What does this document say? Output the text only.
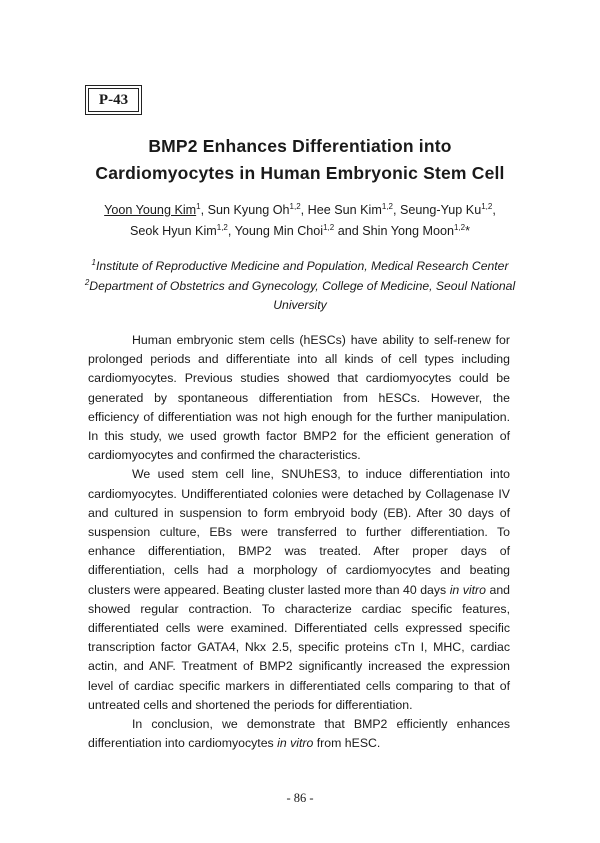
P-43
BMP2 Enhances Differentiation into
Cardiomyocytes in Human Embryonic Stem Cell
Yoon Young Kim$^1$, Sun Kyung Oh$^{1,2}$, Hee Sun Kim$^{1,2}$, Seung-Yup Ku$^{1,2}$,
Seok Hyun Kim$^{1,2}$, Young Min Choi$^{1,2}$ and Shin Yong Moon$^{1,2}$*
$^1$Institute of Reproductive Medicine and Population, Medical Research Center
$^2$Department of Obstetrics and Gynecology, College of Medicine, Seoul National University

Human embryonic stem cells (hESCs) have ability to self-renew for prolonged periods and differentiate into all kinds of cell types including cardiomyocytes. Previous studies showed that cardiomyocytes could be generated by spontaneous differentiation from hESCs. However, the efficiency of differentiation was not high enough for the further manipulation. In this study, we used growth factor BMP2 for the efficient generation of cardiomyocytes and confirmed the characteristics.

We used stem cell line, SNUhES3, to induce differentiation into cardiomyocytes. Undifferentiated colonies were detached by Collagenase IV and cultured in suspension to form embryoid body (EB). After 30 days of suspension culture, EBs were transferred to further differentiation. To enhance differentiation, BMP2 was treated. After proper days of differentiation, cells had a morphology of cardiomyocytes and beating clusters were appeared. Beating cluster lasted more than 40 days in vitro and showed regular contraction. To characterize cardiac specific features, differentiated cells were examined. Differentiated cells expressed specific transcription factor GATA4, Nkx 2.5, specific proteins cTn I, MHC, cardiac actin, and ANF. Treatment of BMP2 significantly increased the expression level of cardiac specific markers in differentiated cells comparing to that of untreated cells and shortened the periods for differentiation.

In conclusion, we demonstrate that BMP2 efficiently enhances differentiation into cardiomyocytes in vitro from hESC.

- 86 -
